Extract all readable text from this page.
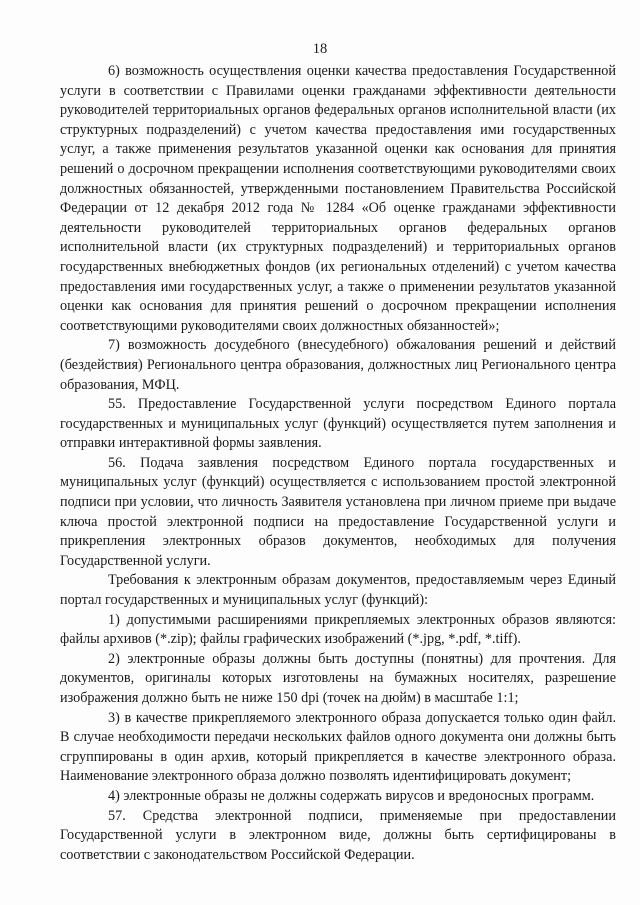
18

6) возможность осуществления оценки качества предоставления Государственной услуги в соответствии с Правилами оценки гражданами эффективности деятельности руководителей территориальных органов федеральных органов исполнительной власти (их структурных подразделений) с учетом качества предоставления ими государственных услуг, а также применения результатов указанной оценки как основания для принятия решений о досрочном прекращении исполнения соответствующими руководителями своих должностных обязанностей, утвержденными постановлением Правительства Российской Федерации от 12 декабря 2012 года № 1284 «Об оценке гражданами эффективности деятельности руководителей территориальных органов федеральных органов исполнительной власти (их структурных подразделений) и территориальных органов государственных внебюджетных фондов (их региональных отделений) с учетом качества предоставления ими государственных услуг, а также о применении результатов указанной оценки как основания для принятия решений о досрочном прекращении исполнения соответствующими руководителями своих должностных обязанностей»;

7) возможность досудебного (внесудебного) обжалования решений и действий (бездействия) Регионального центра образования, должностных лиц Регионального центра образования, МФЦ.

55. Предоставление Государственной услуги посредством Единого портала государственных и муниципальных услуг (функций) осуществляется путем заполнения и отправки интерактивной формы заявления.

56. Подача заявления посредством Единого портала государственных и муниципальных услуг (функций) осуществляется с использованием простой электронной подписи при условии, что личность Заявителя установлена при личном приеме при выдаче ключа простой электронной подписи на предоставление Государственной услуги и прикрепления электронных образов документов, необходимых для получения Государственной услуги.

Требования к электронным образам документов, предоставляемым через Единый портал государственных и муниципальных услуг (функций):

1) допустимыми расширениями прикрепляемых электронных образов являются: файлы архивов (*.zip); файлы графических изображений (*.jpg, *.pdf, *.tiff).

2) электронные образы должны быть доступны (понятны) для прочтения. Для документов, оригиналы которых изготовлены на бумажных носителях, разрешение изображения должно быть не ниже 150 dpi (точек на дюйм) в масштабе 1:1;

3) в качестве прикрепляемого электронного образа допускается только один файл. В случае необходимости передачи нескольких файлов одного документа они должны быть сгруппированы в один архив, который прикрепляется в качестве электронного образа. Наименование электронного образа должно позволять идентифицировать документ;

4) электронные образы не должны содержать вирусов и вредоносных программ.

57. Средства электронной подписи, применяемые при предоставлении Государственной услуги в электронном виде, должны быть сертифицированы в соответствии с законодательством Российской Федерации.
